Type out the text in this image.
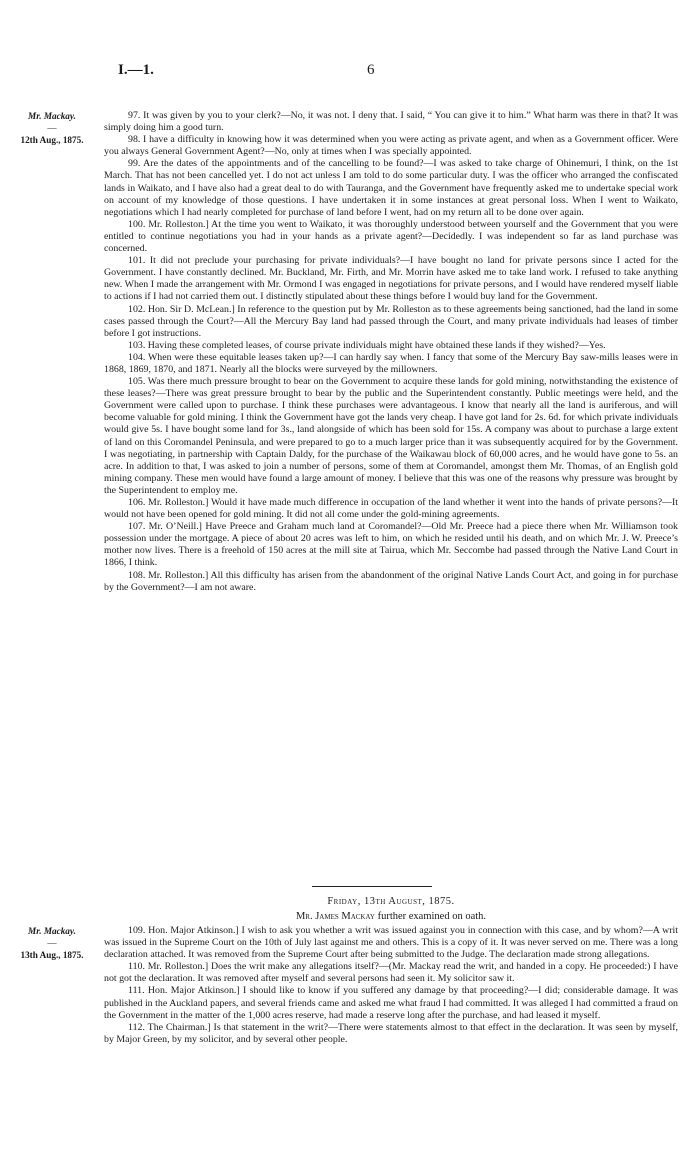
I.—1.	6
Mr. Mackay.
—
12th Aug., 1875.

97. It was given by you to your clerk?—No, it was not. I deny that. I said, “ You can give it to him.” What harm was there in that? It was simply doing him a good turn.

98. I have a difficulty in knowing how it was determined when you were acting as private agent, and when as a Government officer. Were you always General Government Agent?—No, only at times when I was specially appointed.

99. Are the dates of the appointments and of the cancelling to be found?—I was asked to take charge of Ohinemuri, I think, on the 1st March. That has not been cancelled yet. I do not act unless I am told to do some particular duty. I was the officer who arranged the confiscated lands in Waikato, and I have also had a great deal to do with Tauranga, and the Government have frequently asked me to undertake special work on account of my knowledge of those questions. I have undertaken it in some instances at great personal loss. When I went to Waikato, negotiations which I had nearly completed for purchase of land before I went, had on my return all to be done over again.

100. Mr. Rolleston.] At the time you went to Waikato, it was thoroughly understood between yourself and the Government that you were entitled to continue negotiations you had in your hands as a private agent?—Decidedly. I was independent so far as land purchase was concerned.

101. It did not preclude your purchasing for private individuals?—I have bought no land for private persons since I acted for the Government. I have constantly declined. Mr. Buckland, Mr. Firth, and Mr. Morrin have asked me to take land work. I refused to take anything new. When I made the arrangement with Mr. Ormond I was engaged in negotiations for private persons, and I would have rendered myself liable to actions if I had not carried them out. I distinctly stipulated about these things before I would buy land for the Government.

102. Hon. Sir D. McLean.] In reference to the question put by Mr. Rolleston as to these agreements being sanctioned, had the land in some cases passed through the Court?—All the Mercury Bay land had passed through the Court, and many private individuals had leases of timber before I got instructions.

103. Having these completed leases, of course private individuals might have obtained these lands if they wished?—Yes.

104. When were these equitable leases taken up?—I can hardly say when. I fancy that some of the Mercury Bay saw-mills leases were in 1868, 1869, 1870, and 1871. Nearly all the blocks were surveyed by the millowners.

105. Was there much pressure brought to bear on the Government to acquire these lands for gold mining, notwithstanding the existence of these leases?—There was great pressure brought to bear by the public and the Superintendent constantly. Public meetings were held, and the Government were called upon to purchase. I think these purchases were advantageous. I know that nearly all the land is auriferous, and will become valuable for gold mining. I think the Government have got the lands very cheap. I have got land for 2s. 6d. for which private individuals would give 5s. I have bought some land for 3s., land alongside of which has been sold for 15s. A company was about to purchase a large extent of land on this Coromandel Peninsula, and were prepared to go to a much larger price than it was subsequently acquired for by the Government. I was negotiating, in partnership with Captain Daldy, for the purchase of the Waikawau block of 60,000 acres, and he would have gone to 5s. an acre. In addition to that, I was asked to join a number of persons, some of them at Coromandel, amongst them Mr. Thomas, of an English gold mining company. These men would have found a large amount of money. I believe that this was one of the reasons why pressure was brought by the Superintendent to employ me.

106. Mr. Rolleston.] Would it have made much difference in occupation of the land whether it went into the hands of private persons?—It would not have been opened for gold mining. It did not all come under the gold-mining agreements.

107. Mr. O’Neill.] Have Preece and Graham much land at Coromandel?—Old Mr. Preece had a piece there when Mr. Williamson took possession under the mortgage. A piece of about 20 acres was left to him, on which he resided until his death, and on which Mr. J. W. Preece’s mother now lives. There is a freehold of 150 acres at the mill site at Tairua, which Mr. Seccombe had passed through the Native Land Court in 1866, I think.

108. Mr. Rolleston.] All this difficulty has arisen from the abandonment of the original Native Lands Court Act, and going in for purchase by the Government?—I am not aware.

Friday, 13th August, 1875.
Mr. James Mackay further examined on oath.
Mr. Mackay.
—
13th Aug., 1875.

109. Hon. Major Atkinson.] I wish to ask you whether a writ was issued against you in connection with this case, and by whom?—A writ was issued in the Supreme Court on the 10th of July last against me and others. This is a copy of it. It was never served on me. There was a long declaration attached. It was removed from the Supreme Court after being submitted to the Judge. The declaration made strong allegations.

110. Mr. Rolleston.] Does the writ make any allegations itself?—(Mr. Mackay read the writ, and handed in a copy. He proceeded:) I have not got the declaration. It was removed after myself and several persons had seen it. My solicitor saw it.

111. Hon. Major Atkinson.] I should like to know if you suffered any damage by that proceeding?—I did; considerable damage. It was published in the Auckland papers, and several friends came and asked me what fraud I had committed. It was alleged I had committed a fraud on the Government in the matter of the 1,000 acres reserve, had made a reserve long after the purchase, and had leased it myself.

112. The Chairman.] Is that statement in the writ?—There were statements almost to that effect in the declaration. It was seen by myself, by Major Green, by my solicitor, and by several other people.
